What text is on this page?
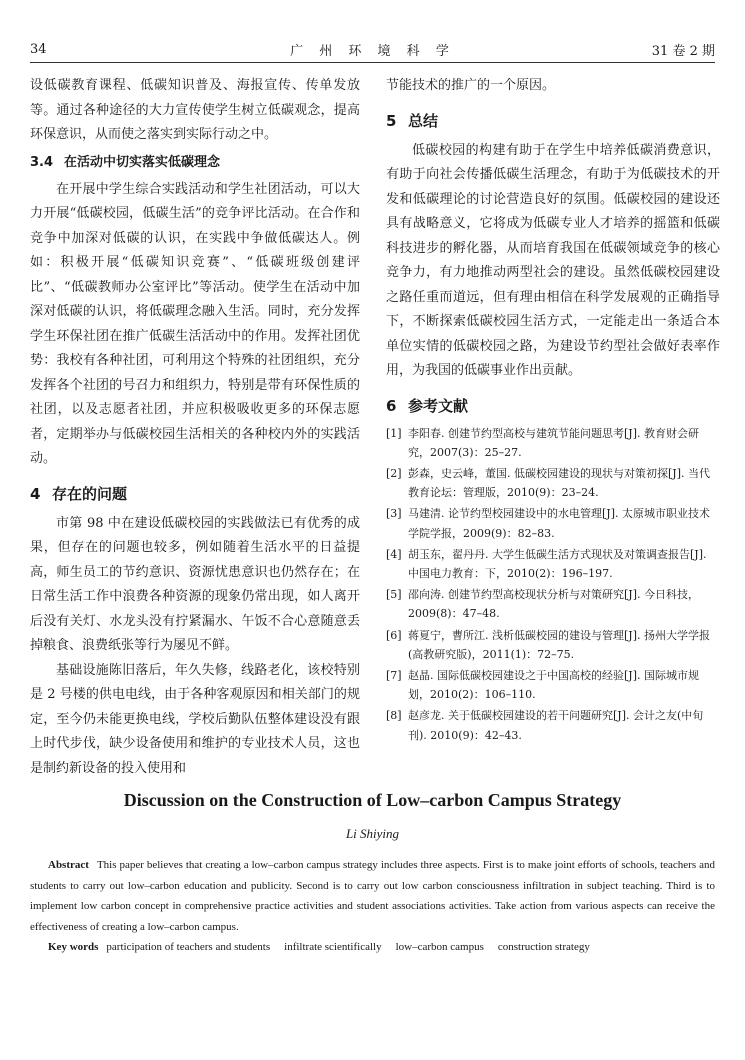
34	广 州 环 境 科 学	31 卷 2 期

设低碳教育课程、低碳知识普及、海报宣传、传单发放等。通过各种途径的大力宣传使学生树立低碳观念，提高环保意识，从而使之落实到实际行动之中。

3.4 在活动中切实落实低碳理念

在开展中学生综合实践活动和学生社团活动，可以大力开展“低碳校园，低碳生活”的竞争评比活动。在合作和竞争中加深对低碳的认识，在实践中争做低碳达人。例如：积极开展“低碳知识竞赛”、“低碳班级创建评比”、“低碳教师办公室评比”等活动。使学生在活动中加深对低碳的认识，将低碳理念融入生活。同时，充分发挥学生环保社团在推广低碳生活活动中的作用。发挥社团优势：我校有各种社团，可利用这个特殊的社团组织，充分发挥各个社团的号召力和组织力，特别是带有环保性质的社团，以及志愿者社团，并应积极吸收更多的环保志愿者，定期举办与低碳校园生活相关的各种校内外的实践活动。

4 存在的问题

市第 98 中在建设低碳校园的实践做法已有优秀的成果，但存在的问题也较多，例如随着生活水平的日益提高，师生员工的节约意识、资源忧患意识也仍然存在；在日常生活工作中浪费各种资源的现象仍常出现，如人离开后没有关灯、水龙头没有拧紧漏水、午饭不合心意随意丢掉粮食、浪费纸张等行为屡见不鲜。

基础设施陈旧落后，年久失修，线路老化，该校特别是 2 号楼的供电电线，由于各种客观原因和相关部门的规定，至今仍未能更换电线，学校后勤队伍整体建设没有跟上时代步伐，缺少设备使用和维护的专业技术人员，这也是制约新设备的投入使用和

节能技术的推广的一个原因。

5 总结

低碳校园的构建有助于在学生中培养低碳消费意识，有助于向社会传播低碳生活理念，有助于为低碳技术的开发和低碳理论的讨论营造良好的氛围。低碳校园的建设还具有战略意义，它将成为低碳专业人才培养的摇篮和低碳科技进步的孵化器，从而培育我国在低碳领域竞争的核心竞争力，有力地推动两型社会的建设。虽然低碳校园建设之路任重而道远，但有理由相信在科学发展观的正确指导下，不断探索低碳校园生活方式，一定能走出一条适合本单位实情的低碳校园之路，为建设节约型社会做好表率作用，为我国的低碳事业作出贡献。

6 参考文献
[1] 李阳春. 创建节约型高校与建筑节能问题思考[J]. 教育财会研究，2007(3)：25–27.
[2] 彭森，史云峰，董国. 低碳校园建设的现状与对策初探[J]. 当代教育论坛：管理版，2010(9)：23–24.
[3] 马建清. 论节约型校园建设中的水电管理[J]. 太原城市职业技术学院学报，2009(9)：82–83.
[4] 胡玉东，翟丹丹. 大学生低碳生活方式现状及对策调查报告[J]. 中国电力教育：下，2010(2)：196–197.
[5] 邵向涛. 创建节约型高校现状分析与对策研究[J]. 今日科技，2009(8)：47–48.
[6] 蒋夏宁，曹所江. 浅析低碳校园的建设与管理[J]. 扬州大学学报(高教研究版)，2011(1)：72–75.
[7] 赵晶. 国际低碳校园建设之于中国高校的经验[J]. 国际城市规划，2010(2)：106–110.
[8] 赵彦龙. 关于低碳校园建设的若干问题研究[J]. 会计之友(中旬刊). 2010(9)：42–43.
Discussion on the Construction of Low–carbon Campus Strategy
Li Shiying
Abstract This paper believes that creating a low–carbon campus strategy includes three aspects. First is to make joint efforts of schools, teachers and students to carry out low–carbon education and publicity. Second is to carry out low carbon consciousness infiltration in subject teaching. Third is to implement low carbon concept in comprehensive practice activities and student associations activities. Take action from various aspects can receive the effectiveness of creating a low–carbon campus.
Key words participation of teachers and students infiltrate scientifically low–carbon campus construction strategy
